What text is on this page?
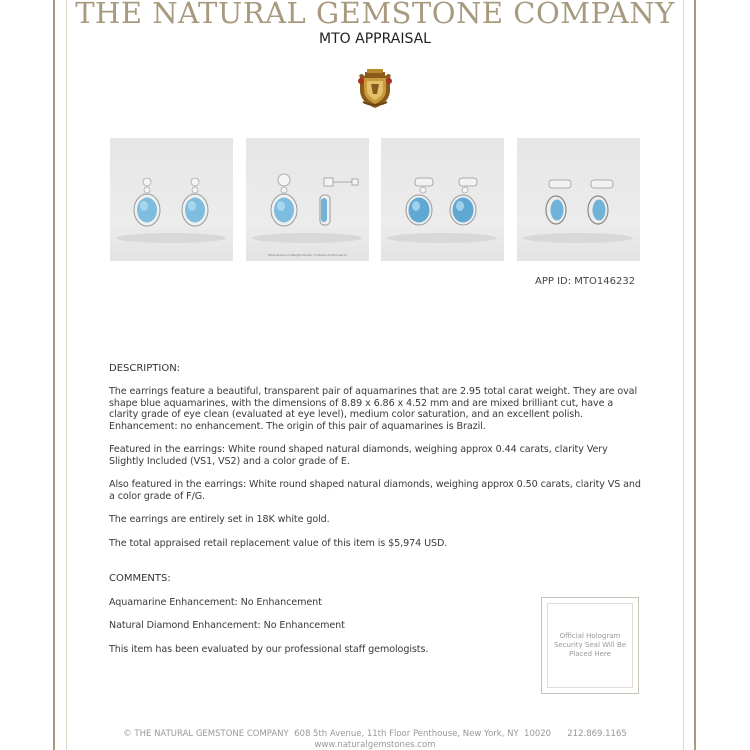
THE NATURAL GEMSTONE COMPANY
MTO APPRAISAL
Total Diamond Weight Shown: 0.44ctw (0.22ct each)
APP ID: MTO146232
DESCRIPTION:
The earrings feature a beautiful, transparent pair of aquamarines that are 2.95 total carat weight. They are oval shape blue aquamarines, with the dimensions of 8.89 x 6.86 x 4.52 mm and are mixed brilliant cut, have a clarity grade of eye clean (evaluated at eye level), medium color saturation, and an excellent polish. Enhancement: no enhancement. The origin of this pair of aquamarines is Brazil.
Featured in the earrings: White round shaped natural diamonds, weighing approx 0.44 carats, clarity Very Slightly Included (VS1, VS2) and a color grade of E.
Also featured in the earrings: White round shaped natural diamonds, weighing approx 0.50 carats, clarity VS and a color grade of F/G.
The earrings are entirely set in 18K white gold.
The total appraised retail replacement value of this item is $5,974 USD.
COMMENTS:
Aquamarine Enhancement: No Enhancement
Natural Diamond Enhancement: No Enhancement
This item has been evaluated by our professional staff gemologists.
Official Hologram Security Seal Will Be Placed Here
© THE NATURAL GEMSTONE COMPANY  608 5th Avenue, 11th Floor Penthouse, New York, NY  10020      212.869.1165
www.naturalgemstones.com
